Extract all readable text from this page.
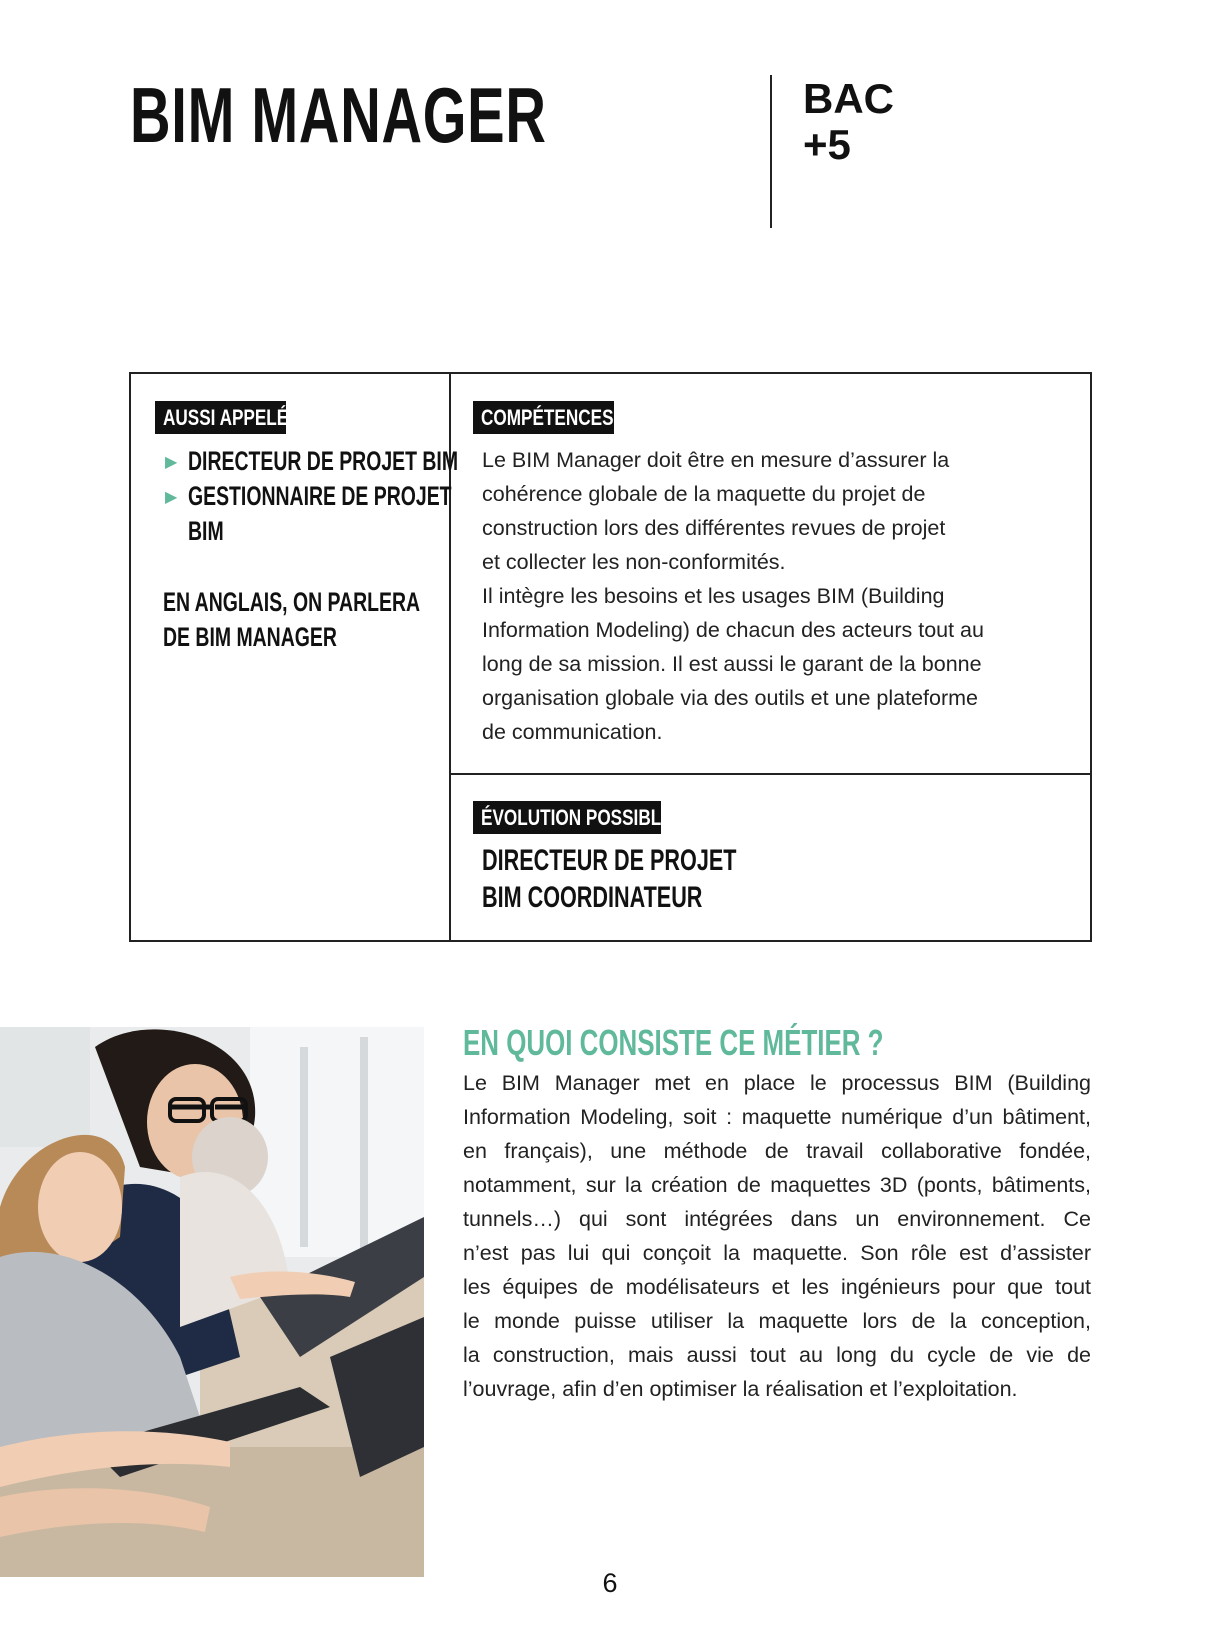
BIM MANAGER	BAC
+5
AUSSI APPELÉ
▶ DIRECTEUR DE PROJET BIM
▶ GESTIONNAIRE DE PROJET
BIM
EN ANGLAIS, ON PARLERA
DE BIM MANAGER
COMPÉTENCES
Le BIM Manager doit être en mesure d’assurer la
cohérence globale de la maquette du projet de
construction lors des différentes revues de projet
et collecter les non-conformités.
Il intègre les besoins et les usages BIM (Building
Information Modeling) de chacun des acteurs tout au
long de sa mission. Il est aussi le garant de la bonne
organisation globale via des outils et une plateforme
de communication.
ÉVOLUTION POSSIBLE
DIRECTEUR DE PROJET
BIM COORDINATEUR
EN QUOI CONSISTE CE MÉTIER ?
Le BIM Manager met en place le processus BIM (Building
Information Modeling, soit : maquette numérique d’un bâtiment,
en français), une méthode de travail collaborative fondée,
notamment, sur la création de maquettes 3D (ponts, bâtiments,
tunnels…) qui sont intégrées dans un environnement. Ce
n’est pas lui qui conçoit la maquette. Son rôle est d’assister
les équipes de modélisateurs et les ingénieurs pour que tout
le monde puisse utiliser la maquette lors de la conception,
la construction, mais aussi tout au long du cycle de vie de
l’ouvrage, afin d’en optimiser la réalisation et l’exploitation.
6
